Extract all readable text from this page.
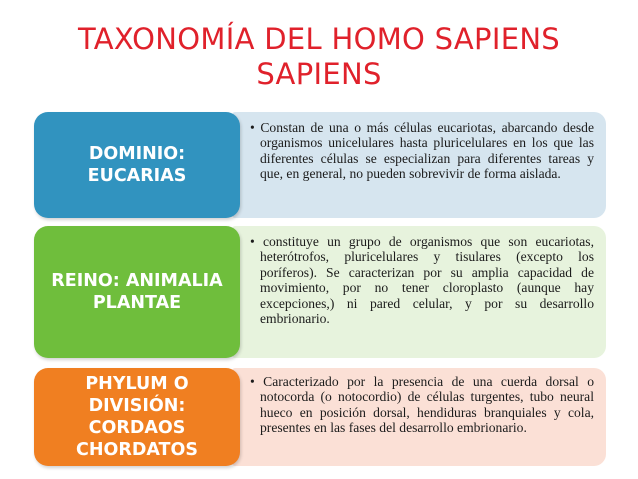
TAXONOMÍA DEL HOMO SAPIENS SAPIENS
• Constan de una o más células eucariotas, abarcando desde organismos unicelulares hasta pluricelulares en los que las diferentes células se especializan para diferentes tareas y que, en general, no pueden sobrevivir de forma aislada.
DOMINIO:
EUCARIAS
• constituye un grupo de organismos que son eucariotas, heterótrofos, pluricelulares y tisulares (excepto los poríferos). Se caracterizan por su amplia capacidad de movimiento, por no tener cloroplasto (aunque hay excepciones,) ni pared celular, y por su desarrollo embrionario.
REINO: ANIMALIA
PLANTAE
• Caracterizado por la presencia de una cuerda dorsal o notocorda (o notocordio) de células turgentes, tubo neural hueco en posición dorsal, hendiduras branquiales y cola, presentes en las fases del desarrollo embrionario.
PHYLUM O
DIVISIÓN: CORDAOS
CHORDATOS
